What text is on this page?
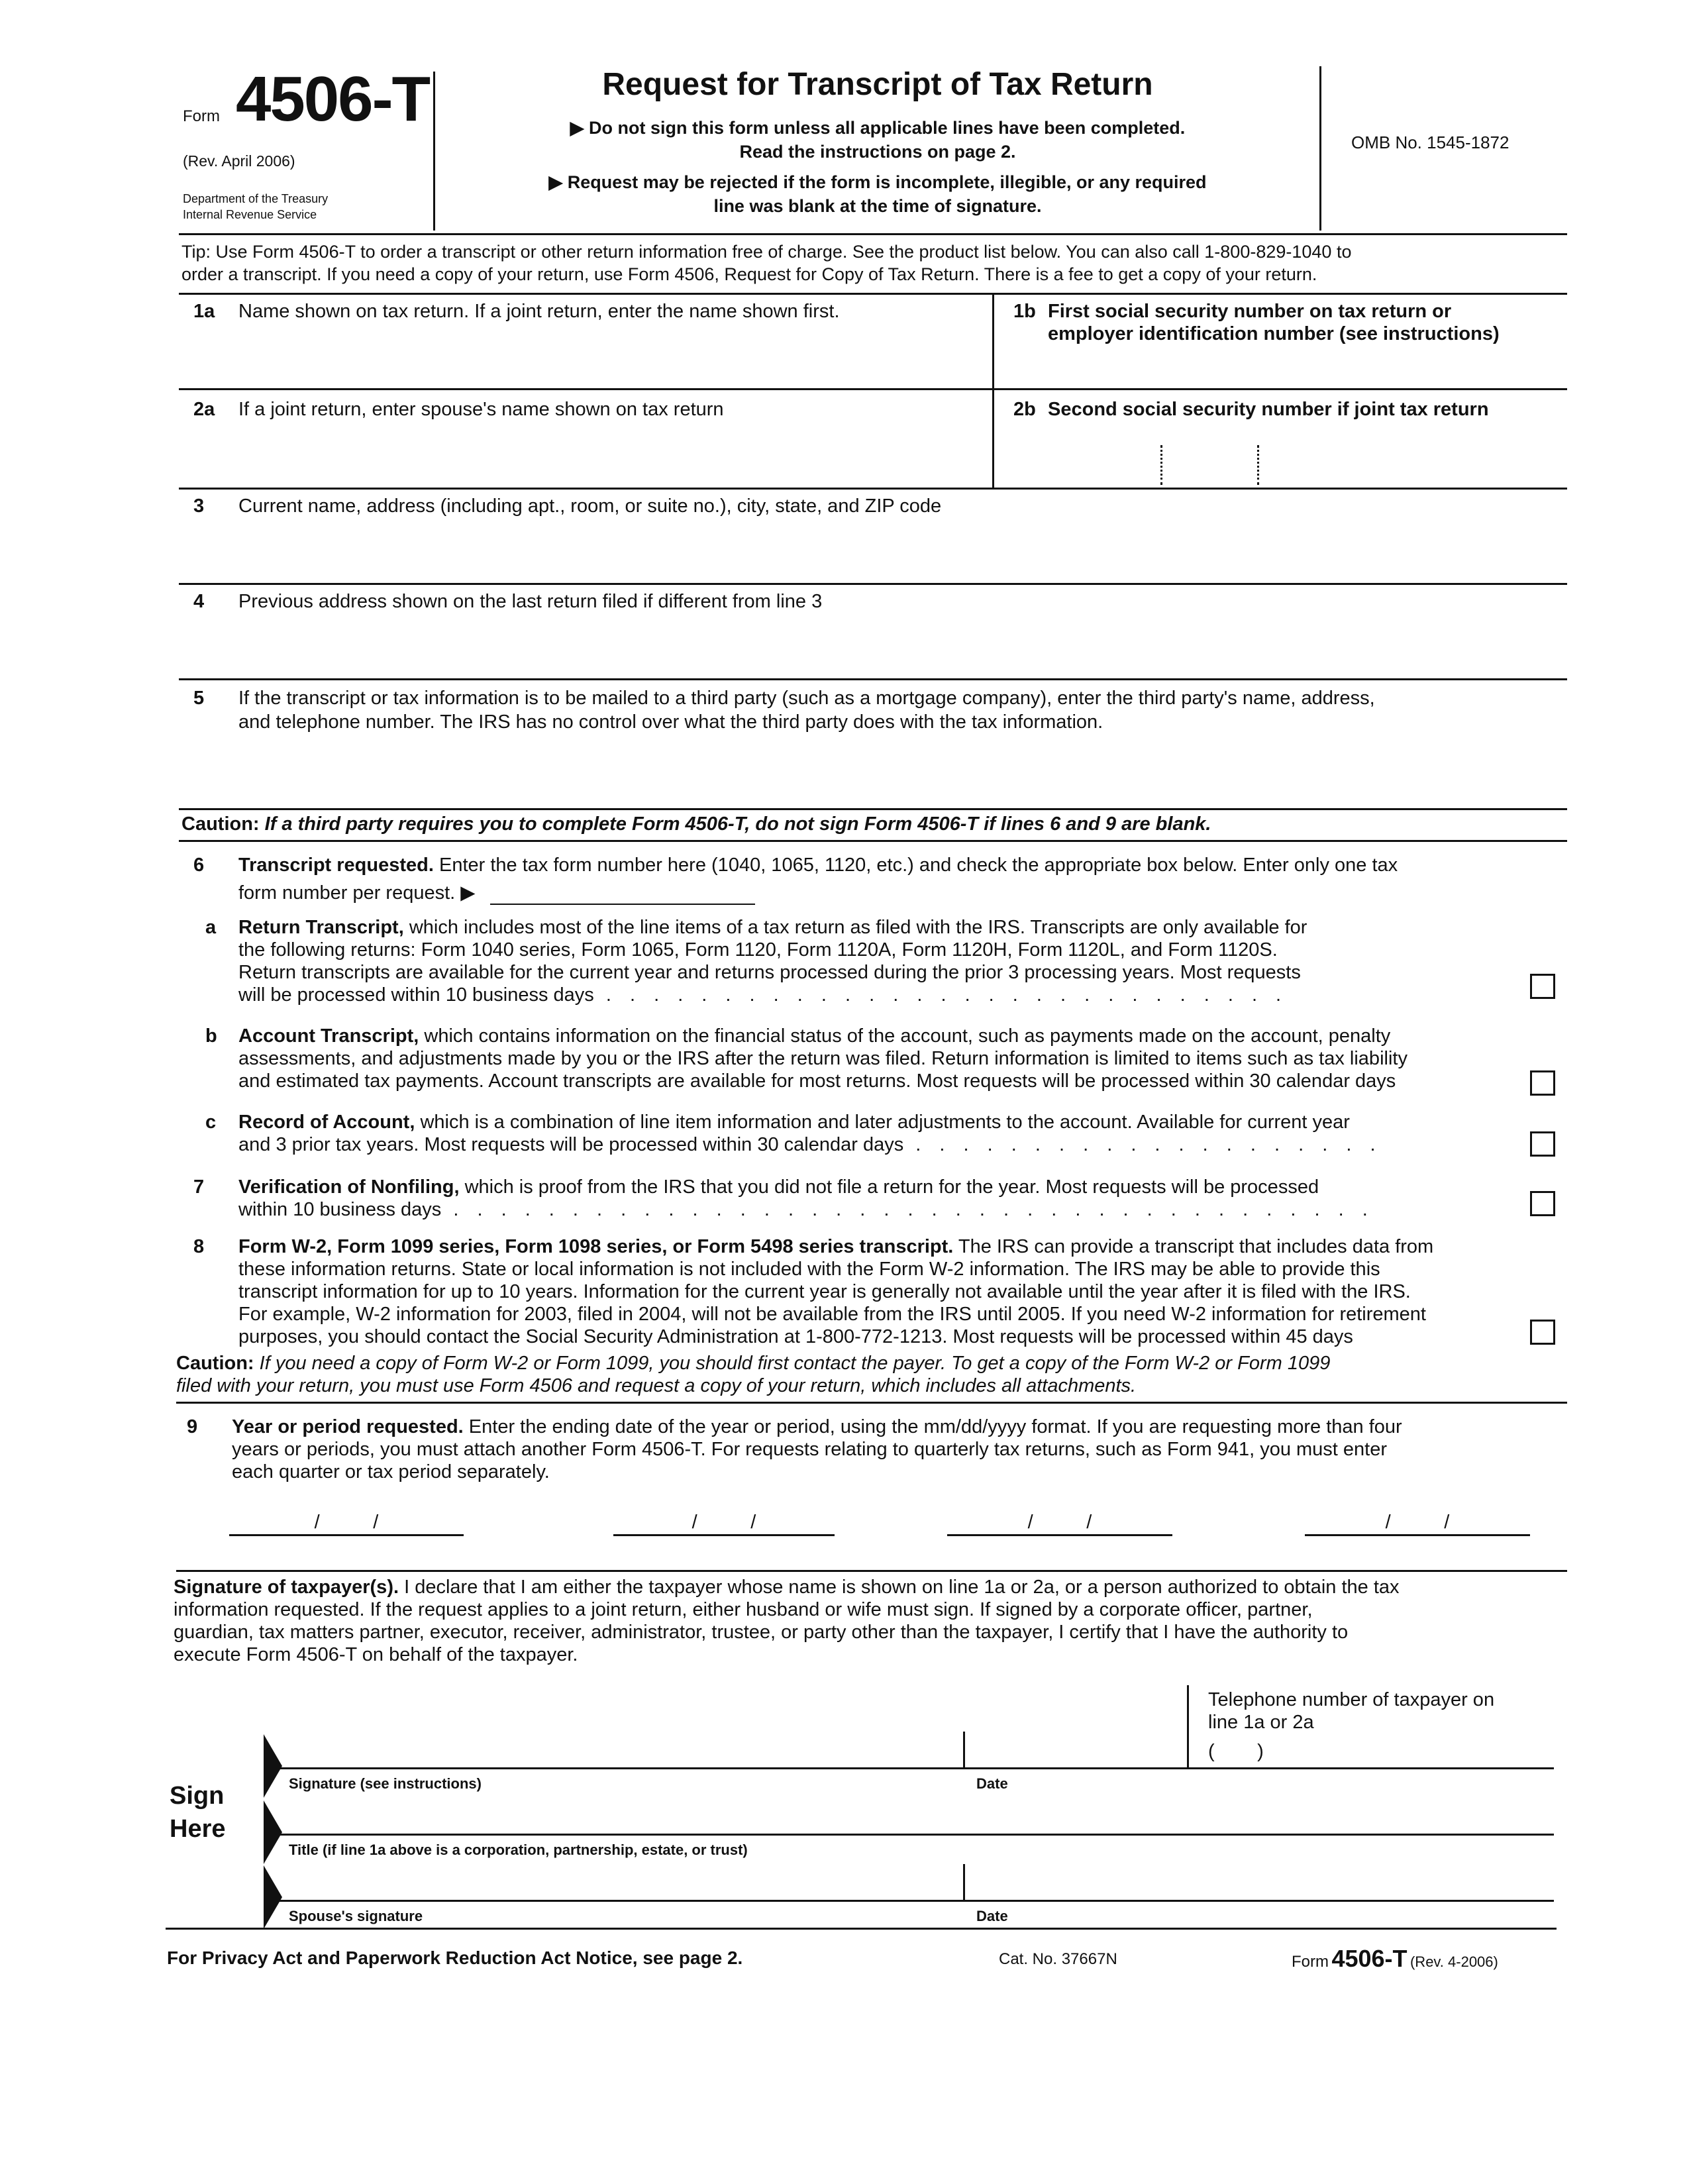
Form 4506-T
(Rev. April 2006)
Department of the Treasury
Internal Revenue Service
Request for Transcript of Tax Return
▶ Do not sign this form unless all applicable lines have been completed.
Read the instructions on page 2.
▶ Request may be rejected if the form is incomplete, illegible, or any required
line was blank at the time of signature.
OMB No. 1545-1872
Tip: Use Form 4506-T to order a transcript or other return information free of charge. See the product list below. You can also call 1-800-829-1040 to
order a transcript. If you need a copy of your return, use Form 4506, Request for Copy of Tax Return. There is a fee to get a copy of your return.
1a Name shown on tax return. If a joint return, enter the name shown first.	1b First social security number on tax return or
employer identification number (see instructions)
2a If a joint return, enter spouse's name shown on tax return	2b Second social security number if joint tax return
3 Current name, address (including apt., room, or suite no.), city, state, and ZIP code
4 Previous address shown on the last return filed if different from line 3
5 If the transcript or tax information is to be mailed to a third party (such as a mortgage company), enter the third party's name, address,
and telephone number. The IRS has no control over what the third party does with the tax information.
Caution: If a third party requires you to complete Form 4506-T, do not sign Form 4506-T if lines 6 and 9 are blank.
6 Transcript requested. Enter the tax form number here (1040, 1065, 1120, etc.) and check the appropriate box below. Enter only one tax
form number per request. ▶
a Return Transcript, which includes most of the line items of a tax return as filed with the IRS. Transcripts are only available for
the following returns: Form 1040 series, Form 1065, Form 1120, Form 1120A, Form 1120H, Form 1120L, and Form 1120S.
Return transcripts are available for the current year and returns processed during the prior 3 processing years. Most requests
will be processed within 10 business days . . . . . . . . . . . . . . . . . . . . . . . . . . . . .
b Account Transcript, which contains information on the financial status of the account, such as payments made on the account, penalty
assessments, and adjustments made by you or the IRS after the return was filed. Return information is limited to items such as tax liability
and estimated tax payments. Account transcripts are available for most returns. Most requests will be processed within 30 calendar days
c Record of Account, which is a combination of line item information and later adjustments to the account. Available for current year
and 3 prior tax years. Most requests will be processed within 30 calendar days . . . . . . . . . . . . . . . . . . . .
7 Verification of Nonfiling, which is proof from the IRS that you did not file a return for the year. Most requests will be processed
within 10 business days . . . . . . . . . . . . . . . . . . . . . . . . . . . . . . . . . . . . . . .
8 Form W-2, Form 1099 series, Form 1098 series, or Form 5498 series transcript. The IRS can provide a transcript that includes data from
these information returns. State or local information is not included with the Form W-2 information. The IRS may be able to provide this
transcript information for up to 10 years. Information for the current year is generally not available until the year after it is filed with the IRS.
For example, W-2 information for 2003, filed in 2004, will not be available from the IRS until 2005. If you need W-2 information for retirement
purposes, you should contact the Social Security Administration at 1-800-772-1213. Most requests will be processed within 45 days
Caution: If you need a copy of Form W-2 or Form 1099, you should first contact the payer. To get a copy of the Form W-2 or Form 1099
filed with your return, you must use Form 4506 and request a copy of your return, which includes all attachments.
9 Year or period requested. Enter the ending date of the year or period, using the mm/dd/yyyy format. If you are requesting more than four
years or periods, you must attach another Form 4506-T. For requests relating to quarterly tax returns, such as Form 941, you must enter
each quarter or tax period separately.
/          /	/          /	/          /	/          /
Signature of taxpayer(s). I declare that I am either the taxpayer whose name is shown on line 1a or 2a, or a person authorized to obtain the tax
information requested. If the request applies to a joint return, either husband or wife must sign. If signed by a corporate officer, partner,
guardian, tax matters partner, executor, receiver, administrator, trustee, or party other than the taxpayer, I certify that I have the authority to
execute Form 4506-T on behalf of the taxpayer.
Telephone number of taxpayer on
line 1a or 2a
(        )
Signature (see instructions)	Date
Sign
Here
Title (if line 1a above is a corporation, partnership, estate, or trust)
Spouse's signature	Date
For Privacy Act and Paperwork Reduction Act Notice, see page 2.	Cat. No. 37667N	Form 4506-T (Rev. 4-2006)
